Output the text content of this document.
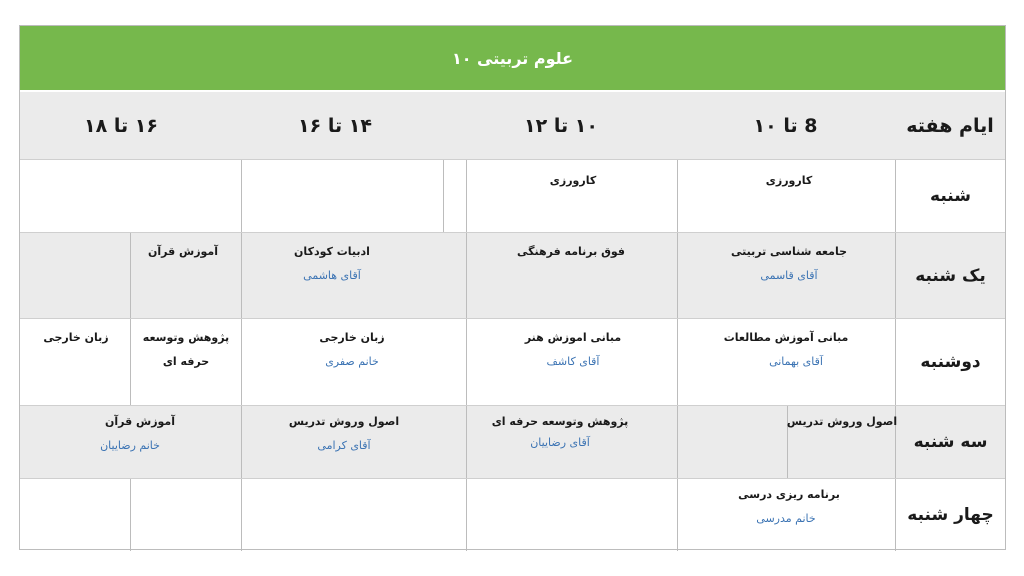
علوم تربیتی ۱۰
ایام هفته
8 تا ۱۰
۱۰ تا ۱۲
۱۴ تا ۱۶
۱۶ تا ۱۸
شنبه
کارورزی
کارورزی
یک شنبه
جامعه شناسی تربیتی
آقای قاسمی
فوق برنامه فرهنگی
ادبیات کودکان
آقای هاشمی
آموزش قرآن
دوشنبه
مبانی آموزش مطالعات
آقای بهمانی
مبانی اموزش هنر
آقای کاشف
زبان خارجی
خانم صفری
پژوهش وتوسعه
حرفه ای
زبان خارجی
سه شنبه
اصول وروش تدریس
پژوهش وتوسعه حرفه ای
آقای رضاییان
اصول وروش تدریس
آقای کرامی
آموزش قرآن
خانم رضاییان
چهار شنبه
برنامه ریزی درسی
خانم مدرسی
